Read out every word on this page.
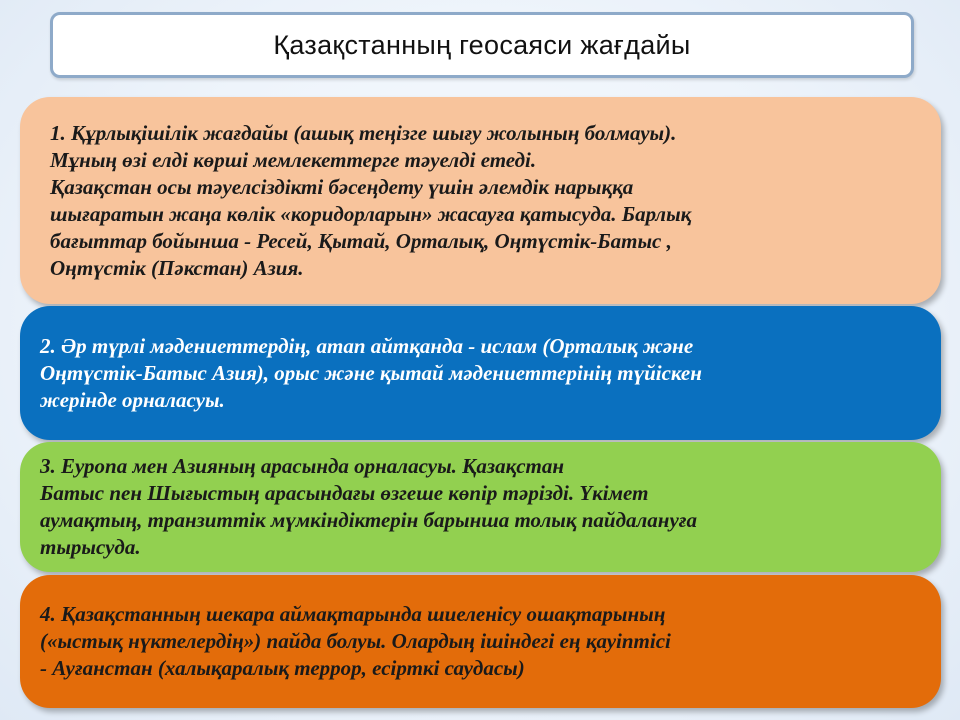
Қазақстанның геосаяси жағдайы

1. Құрлықішілік жағдайы (ашық теңізге шығу жолының болмауы).
Мұның өзі елді көрші мемлекеттерге тәуелді етеді.
Қазақстан осы тәуелсіздікті бәсеңдету үшін әлемдік нарыққа
шығаратын жаңа көлік «коридорларын» жасауға қатысуда. Барлық
бағыттар бойынша - Ресей, Қытай, Орталық, Оңтүстік-Батыс ,
Оңтүстік (Пәкстан) Азия.

2. Әр түрлі мәдениеттердің, атап айтқанда - ислам (Орталық және
Оңтүстік-Батыс Азия), орыс және қытай мәдениеттерінің түйіскен
жерінде орналасуы.

3. Еуропа мен Азияның арасында орналасуы. Қазақстан
Батыс пен Шығыстың арасындағы өзгеше көпір тәрізді. Үкімет
аумақтың, транзиттік мүмкіндіктерін барынша толық пайдалануға
тырысуда.

4. Қазақстанның шекара аймақтарында шиеленісу ошақтарының
(«ыстық нүктелердің») пайда болуы. Олардың ішіндегі ең қауіптісі
- Ауғанстан (халықаралық террор, есірткі саудасы)
